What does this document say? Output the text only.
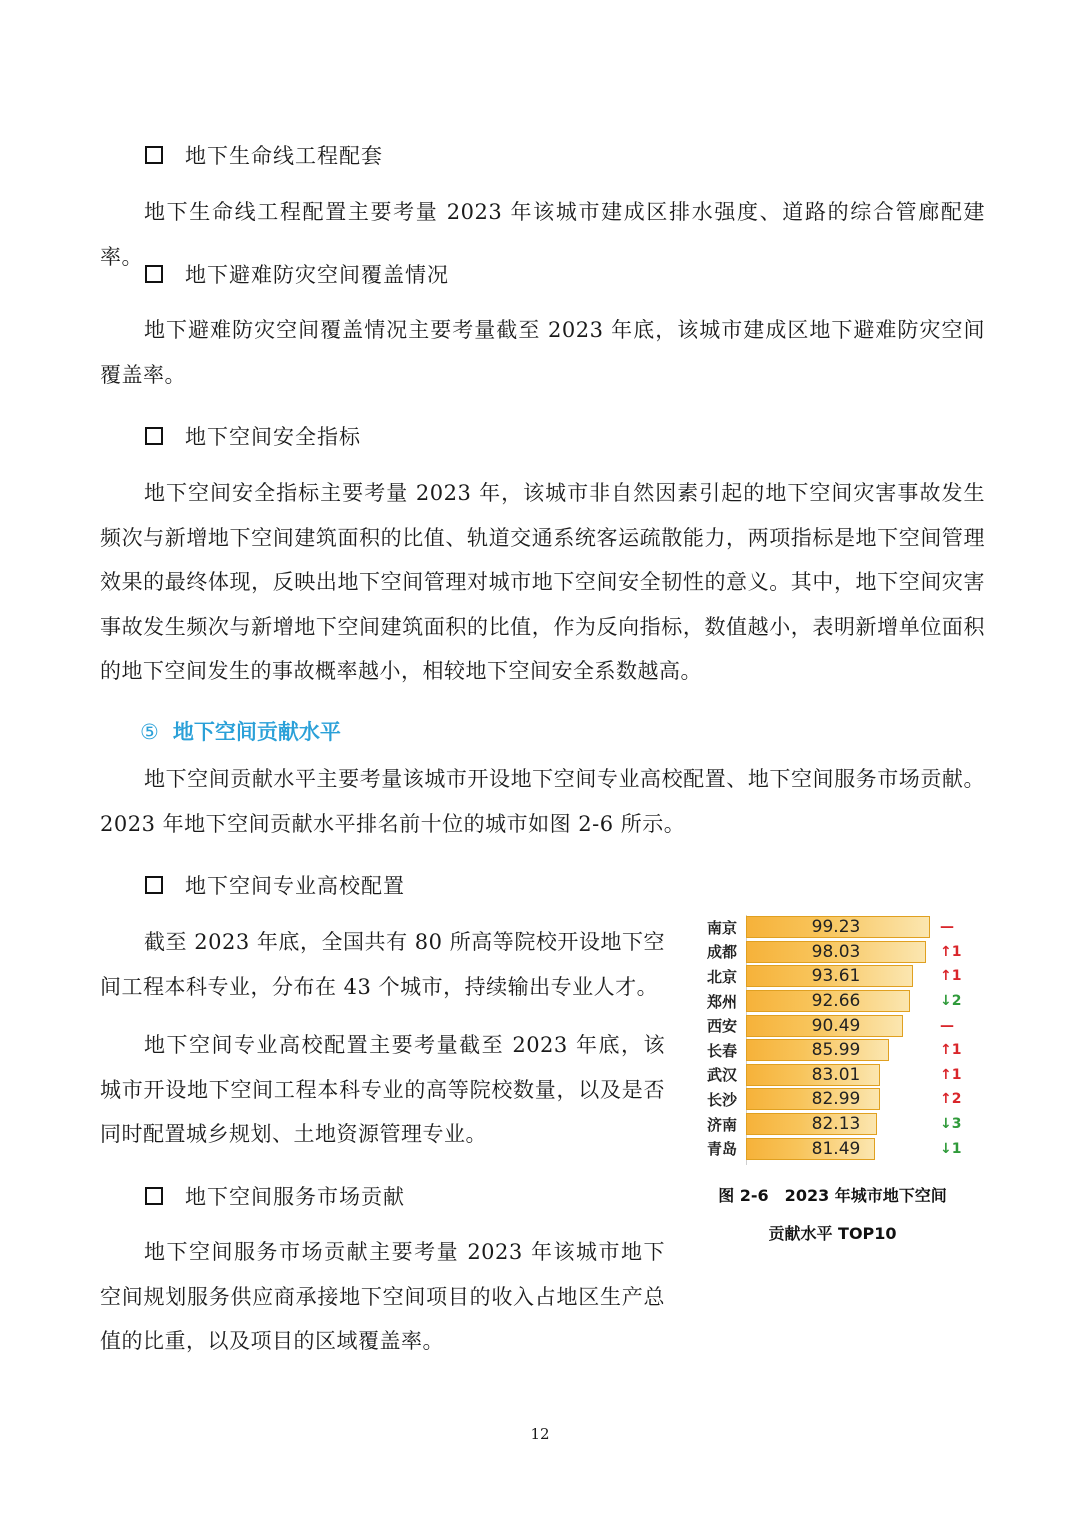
地下生命线工程配套
地下生命线工程配置主要考量 2023 年该城市建成区排水强度、道路的综合管廊配建率。
地下避难防灾空间覆盖情况
地下避难防灾空间覆盖情况主要考量截至 2023 年底，该城市建成区地下避难防灾空间覆盖率。
地下空间安全指标
地下空间安全指标主要考量 2023 年，该城市非自然因素引起的地下空间灾害事故发生频次与新增地下空间建筑面积的比值、轨道交通系统客运疏散能力，两项指标是地下空间管理效果的最终体现，反映出地下空间管理对城市地下空间安全韧性的意义。其中，地下空间灾害事故发生频次与新增地下空间建筑面积的比值，作为反向指标，数值越小，表明新增单位面积的地下空间发生的事故概率越小，相较地下空间安全系数越高。
⑤ 地下空间贡献水平
地下空间贡献水平主要考量该城市开设地下空间专业高校配置、地下空间服务市场贡献。2023 年地下空间贡献水平排名前十位的城市如图 2-6 所示。
地下空间专业高校配置
截至 2023 年底，全国共有 80 所高等院校开设地下空间工程本科专业，分布在 43 个城市，持续输出专业人才。
地下空间专业高校配置主要考量截至 2023 年底，该城市开设地下空间工程本科专业的高等院校数量，以及是否同时配置城乡规划、土地资源管理专业。
地下空间服务市场贡献
地下空间服务市场贡献主要考量 2023 年该城市地下空间规划服务供应商承接地下空间项目的收入占地区生产总值的比重，以及项目的区域覆盖率。
南京	99.23	—
成都	98.03	↑1
北京	93.61	↑1
郑州	92.66	↓2
西安	90.49	—
长春	85.99	↑1
武汉	83.01	↑1
长沙	82.99	↑2
济南	82.13	↓3
青岛	81.49	↓1
图 2-6　2023 年城市地下空间
贡献水平 TOP10
12
